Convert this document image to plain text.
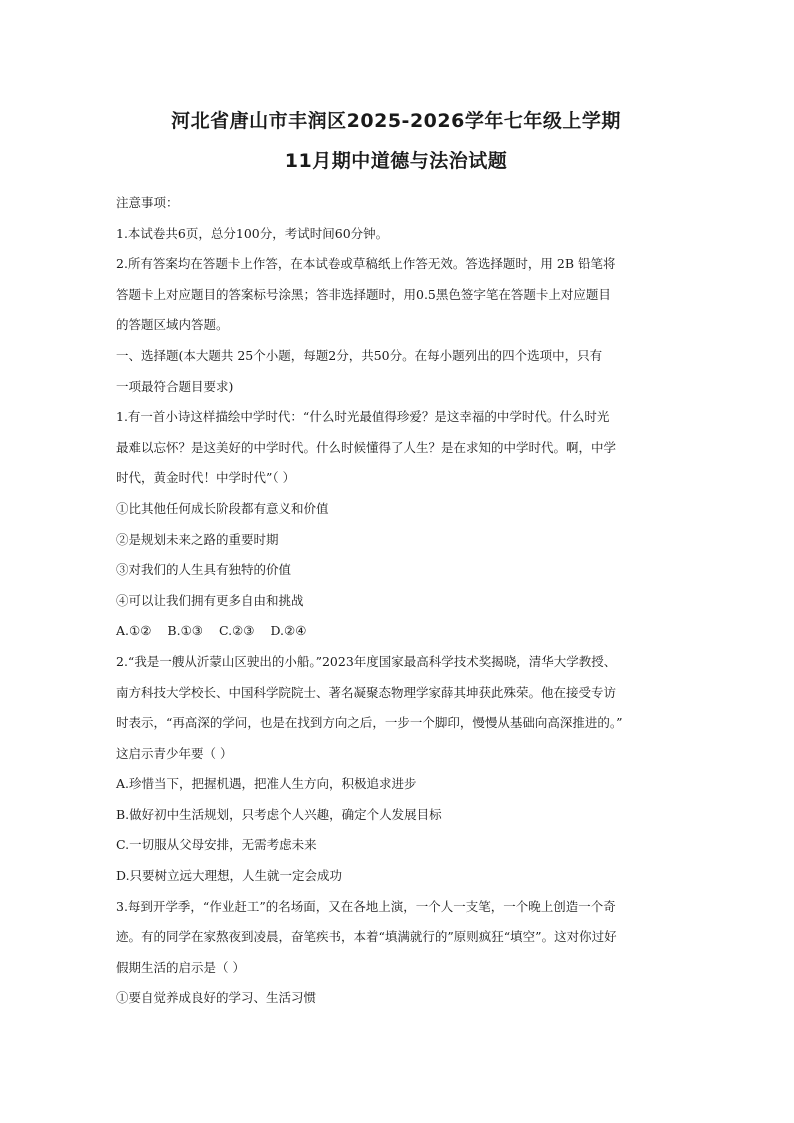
河北省唐山市丰润区2025-2026学年七年级上学期
11月期中道德与法治试题
注意事项：
1.本试卷共6页，总分100分，考试时间60分钟。
2.所有答案均在答题卡上作答，在本试卷或草稿纸上作答无效。答选择题时，用 2B 铅笔将
答题卡上对应题目的答案标号涂黑；答非选择题时，用0.5黑色签字笔在答题卡上对应题目
的答题区域内答题。
一、选择题(本大题共 25个小题，每题2分，共50分。在每小题列出的四个选项中，只有
一项最符合题目要求)
1.有一首小诗这样描绘中学时代：“什么时光最值得珍爱？是这幸福的中学时代。什么时光
最难以忘怀？是这美好的中学时代。什么时候懂得了人生？是在求知的中学时代。啊，中学
时代，黄金时代！中学时代”（ ）
①比其他任何成长阶段都有意义和价值
②是规划未来之路的重要时期
③对我们的人生具有独特的价值
④可以让我们拥有更多自由和挑战
A.①② B.①③ C.②③ D.②④
2.“我是一艘从沂蒙山区驶出的小船。”2023年度国家最高科学技术奖揭晓，清华大学教授、
南方科技大学校长、中国科学院院士、著名凝聚态物理学家薛其坤获此殊荣。他在接受专访
时表示，“再高深的学问，也是在找到方向之后，一步一个脚印，慢慢从基础向高深推进的。”
这启示青少年要（ ）
A.珍惜当下，把握机遇，把准人生方向，积极追求进步
B.做好初中生活规划，只考虑个人兴趣，确定个人发展目标
C.一切服从父母安排，无需考虑未来
D.只要树立远大理想，人生就一定会成功
3.每到开学季，“作业赶工”的名场面，又在各地上演，一个人一支笔，一个晚上创造一个奇
迹。有的同学在家熬夜到凌晨，奋笔疾书，本着“填满就行的”原则疯狂“填空”。这对你过好
假期生活的启示是（ ）
①要自觉养成良好的学习、生活习惯
